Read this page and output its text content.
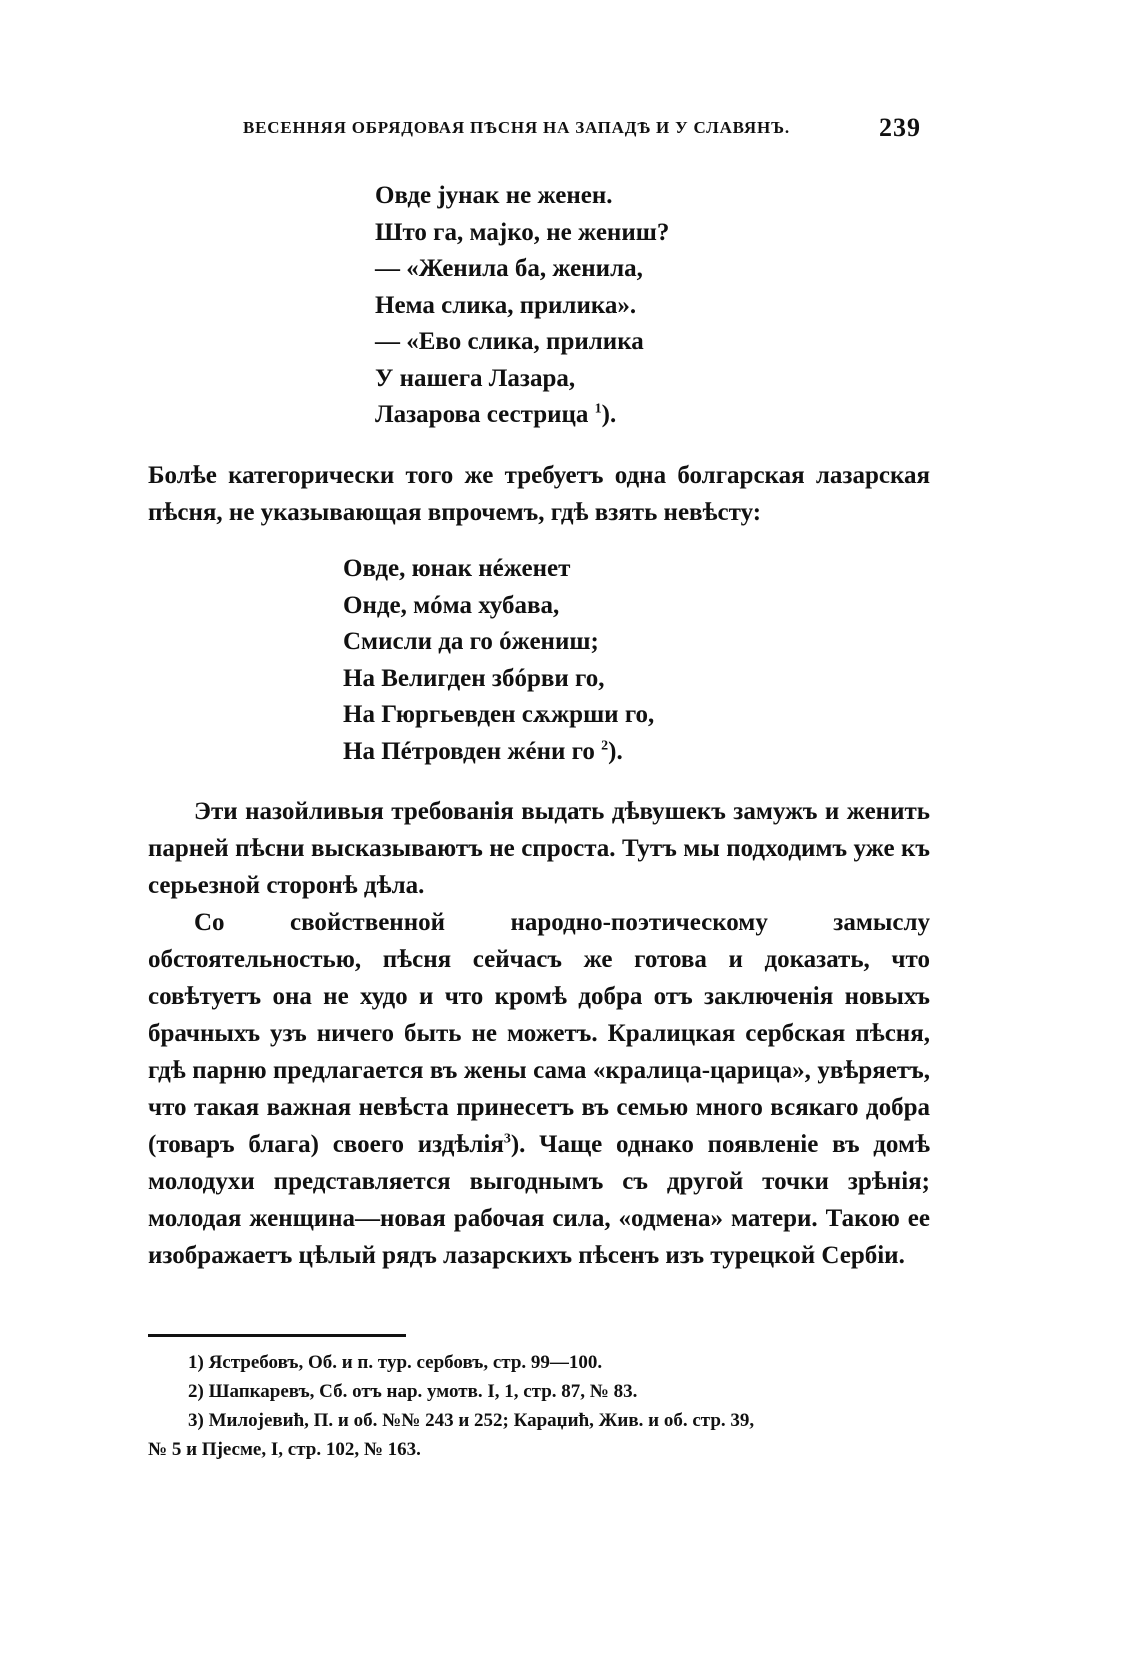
ВЕСЕННЯЯ ОБРЯДОВАЯ ПѢСНЯ НА ЗАПАДѢ И У СЛАВЯНЪ.	239
Овде јунак не женен.
Што га, мајко, не жениш?
— «Женила ба, женила,
Нема слика, прилика».
— «Ево слика, прилика
У нашега Лазара,
Лазарова сестрица $^1$).

Болѣе категорически того же требуетъ одна болгарская лазарская пѣсня, не указывающая впрочемъ, гдѣ взять невѣсту:

Овде, юнак нéженет
Онде, мóма хубава,
Смисли да го óжениш;
На Велигден збóрви го,
На Гюргьевден сѫжрши го,
На Пéтровден жéни го $^2$).

Эти назойливыя требованія выдать дѣвушекъ замужъ и женить парней пѣсни высказываютъ не спроста. Тутъ мы подходимъ уже къ серьезной сторонѣ дѣла.

Со свойственной народно-поэтическому замыслу обстоятельностью, пѣсня сейчасъ же готова и доказать, что совѣтуетъ она не худо и что кромѣ добра отъ заключенія новыхъ брачныхъ узъ ничего быть не можетъ. Кралицкая сербская пѣсня, гдѣ парню предлагается въ жены сама «кралица-царица», увѣряетъ, что такая важная невѣста принесетъ въ семью много всякаго добра (товаръ блага) своего издѣлія$^3$). Чаще однако появленіе въ домѣ молодухи представляется выгоднымъ съ другой точки зрѣнія; молодая женщина—новая рабочая сила, «одмена» матери. Такою ее изображаетъ цѣлый рядъ лазарскихъ пѣсенъ изъ турецкой Сербіи.

1) Ястребовъ, Об. и п. тур. сербовъ, стр. 99—100.

2) Шапкаревъ, Сб. отъ нар. умотв. I, 1, стр. 87, № 83.

3) Милојевић, П. и об. №№ 243 и 252; Караџић, Жив. и об. стр. 39,

№ 5 и Пјесме, I, стр. 102, № 163.
